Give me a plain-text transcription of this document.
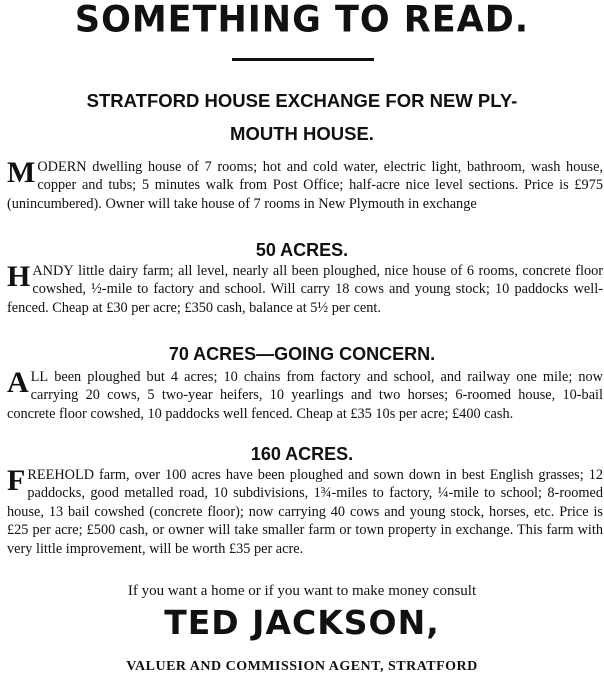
SOMETHING TO READ.
STRATFORD HOUSE EXCHANGE FOR NEW PLY-
MOUTH HOUSE.
MODERN dwelling house of 7 rooms; hot and cold water, electric light, bathroom, wash house, copper and tubs; 5 minutes walk from Post Office; half-acre nice level sections. Price is £975 (unincumbered). Owner will take house of 7 rooms in New Plymouth in exchange
50 ACRES.
HANDY little dairy farm; all level, nearly all been ploughed, nice house of 6 rooms, concrete floor cowshed, ½-mile to factory and school. Will carry 18 cows and young stock; 10 paddocks well-fenced. Cheap at £30 per acre; £350 cash, balance at 5½ per cent.
70 ACRES—GOING CONCERN.
ALL been ploughed but 4 acres; 10 chains from factory and school, and railway one mile; now carrying 20 cows, 5 two-year heifers, 10 yearlings and two horses; 6-roomed house, 10-bail concrete floor cowshed, 10 paddocks well fenced. Cheap at £35 10s per acre; £400 cash.
160 ACRES.
FREEHOLD farm, over 100 acres have been ploughed and sown down in best English grasses; 12 paddocks, good metalled road, 10 subdivisions, 1¾-miles to factory, ¼-mile to school; 8-roomed house, 13 bail cowshed (concrete floor); now carrying 40 cows and young stock, horses, etc. Price is £25 per acre; £500 cash, or owner will take smaller farm or town property in exchange. This farm with very little improvement, will be worth £35 per acre.
If you want a home or if you want to make money consult
TED JACKSON,
VALUER AND COMMISSION AGENT, STRATFORD
